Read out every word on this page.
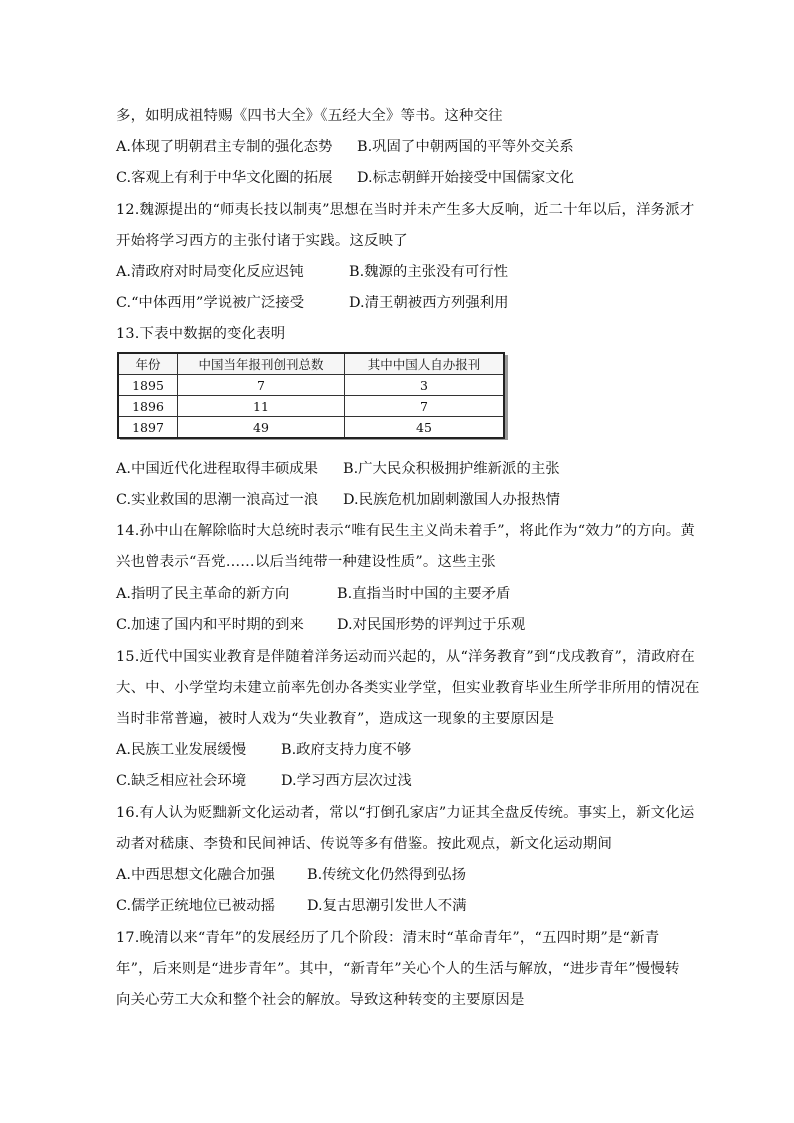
多，如明成祖特赐《四书大全》《五经大全》等书。这种交往
A.体现了明朝君主专制的强化态势 B.巩固了中朝两国的平等外交关系
C.客观上有利于中华文化圈的拓展 D.标志朝鲜开始接受中国儒家文化
12.魏源提出的“师夷长技以制夷”思想在当时并未产生多大反响，近二十年以后，洋务派才
开始将学习西方的主张付诸于实践。这反映了
A.清政府对时局变化反应迟钝	B.魏源的主张没有可行性
C.“中体西用”学说被广泛接受	D.清王朝被西方列强利用
13.下表中数据的变化表明
年份	中国当年报刊创刊总数	其中中国人自办报刊
1895	7	3
1896	11	7
1897	49	45
A.中国近代化进程取得丰硕成果 B.广大民众积极拥护维新派的主张
C.实业救国的思潮一浪高过一浪 D.民族危机加剧刺激国人办报热情
14.孙中山在解除临时大总统时表示“唯有民生主义尚未着手”，将此作为“效力”的方向。黄
兴也曾表示“吾党……以后当纯带一种建设性质”。这些主张
A.指明了民主革命的新方向	B.直指当时中国的主要矛盾
C.加速了国内和平时期的到来 D.对民国形势的评判过于乐观
15.近代中国实业教育是伴随着洋务运动而兴起的，从“洋务教育”到“戊戌教育”，清政府在
大、中、小学堂均未建立前率先创办各类实业学堂，但实业教育毕业生所学非所用的情况在
当时非常普遍，被时人戏为“失业教育”，造成这一现象的主要原因是
A.民族工业发展缓慢 B.政府支持力度不够
C.缺乏相应社会环境 D.学习西方层次过浅
16.有人认为贬黜新文化运动者，常以“打倒孔家店”力证其全盘反传统。事实上，新文化运
动者对嵇康、李贽和民间神话、传说等多有借鉴。按此观点，新文化运动期间
A.中西思想文化融合加强 B.传统文化仍然得到弘扬
C.儒学正统地位已被动摇 D.复古思潮引发世人不满
17.晚清以来“青年”的发展经历了几个阶段：清末时“革命青年”，“五四时期”是“新青
年”，后来则是“进步青年”。其中，“新青年”关心个人的生活与解放，“进步青年”慢慢转
向关心劳工大众和整个社会的解放。导致这种转变的主要原因是
